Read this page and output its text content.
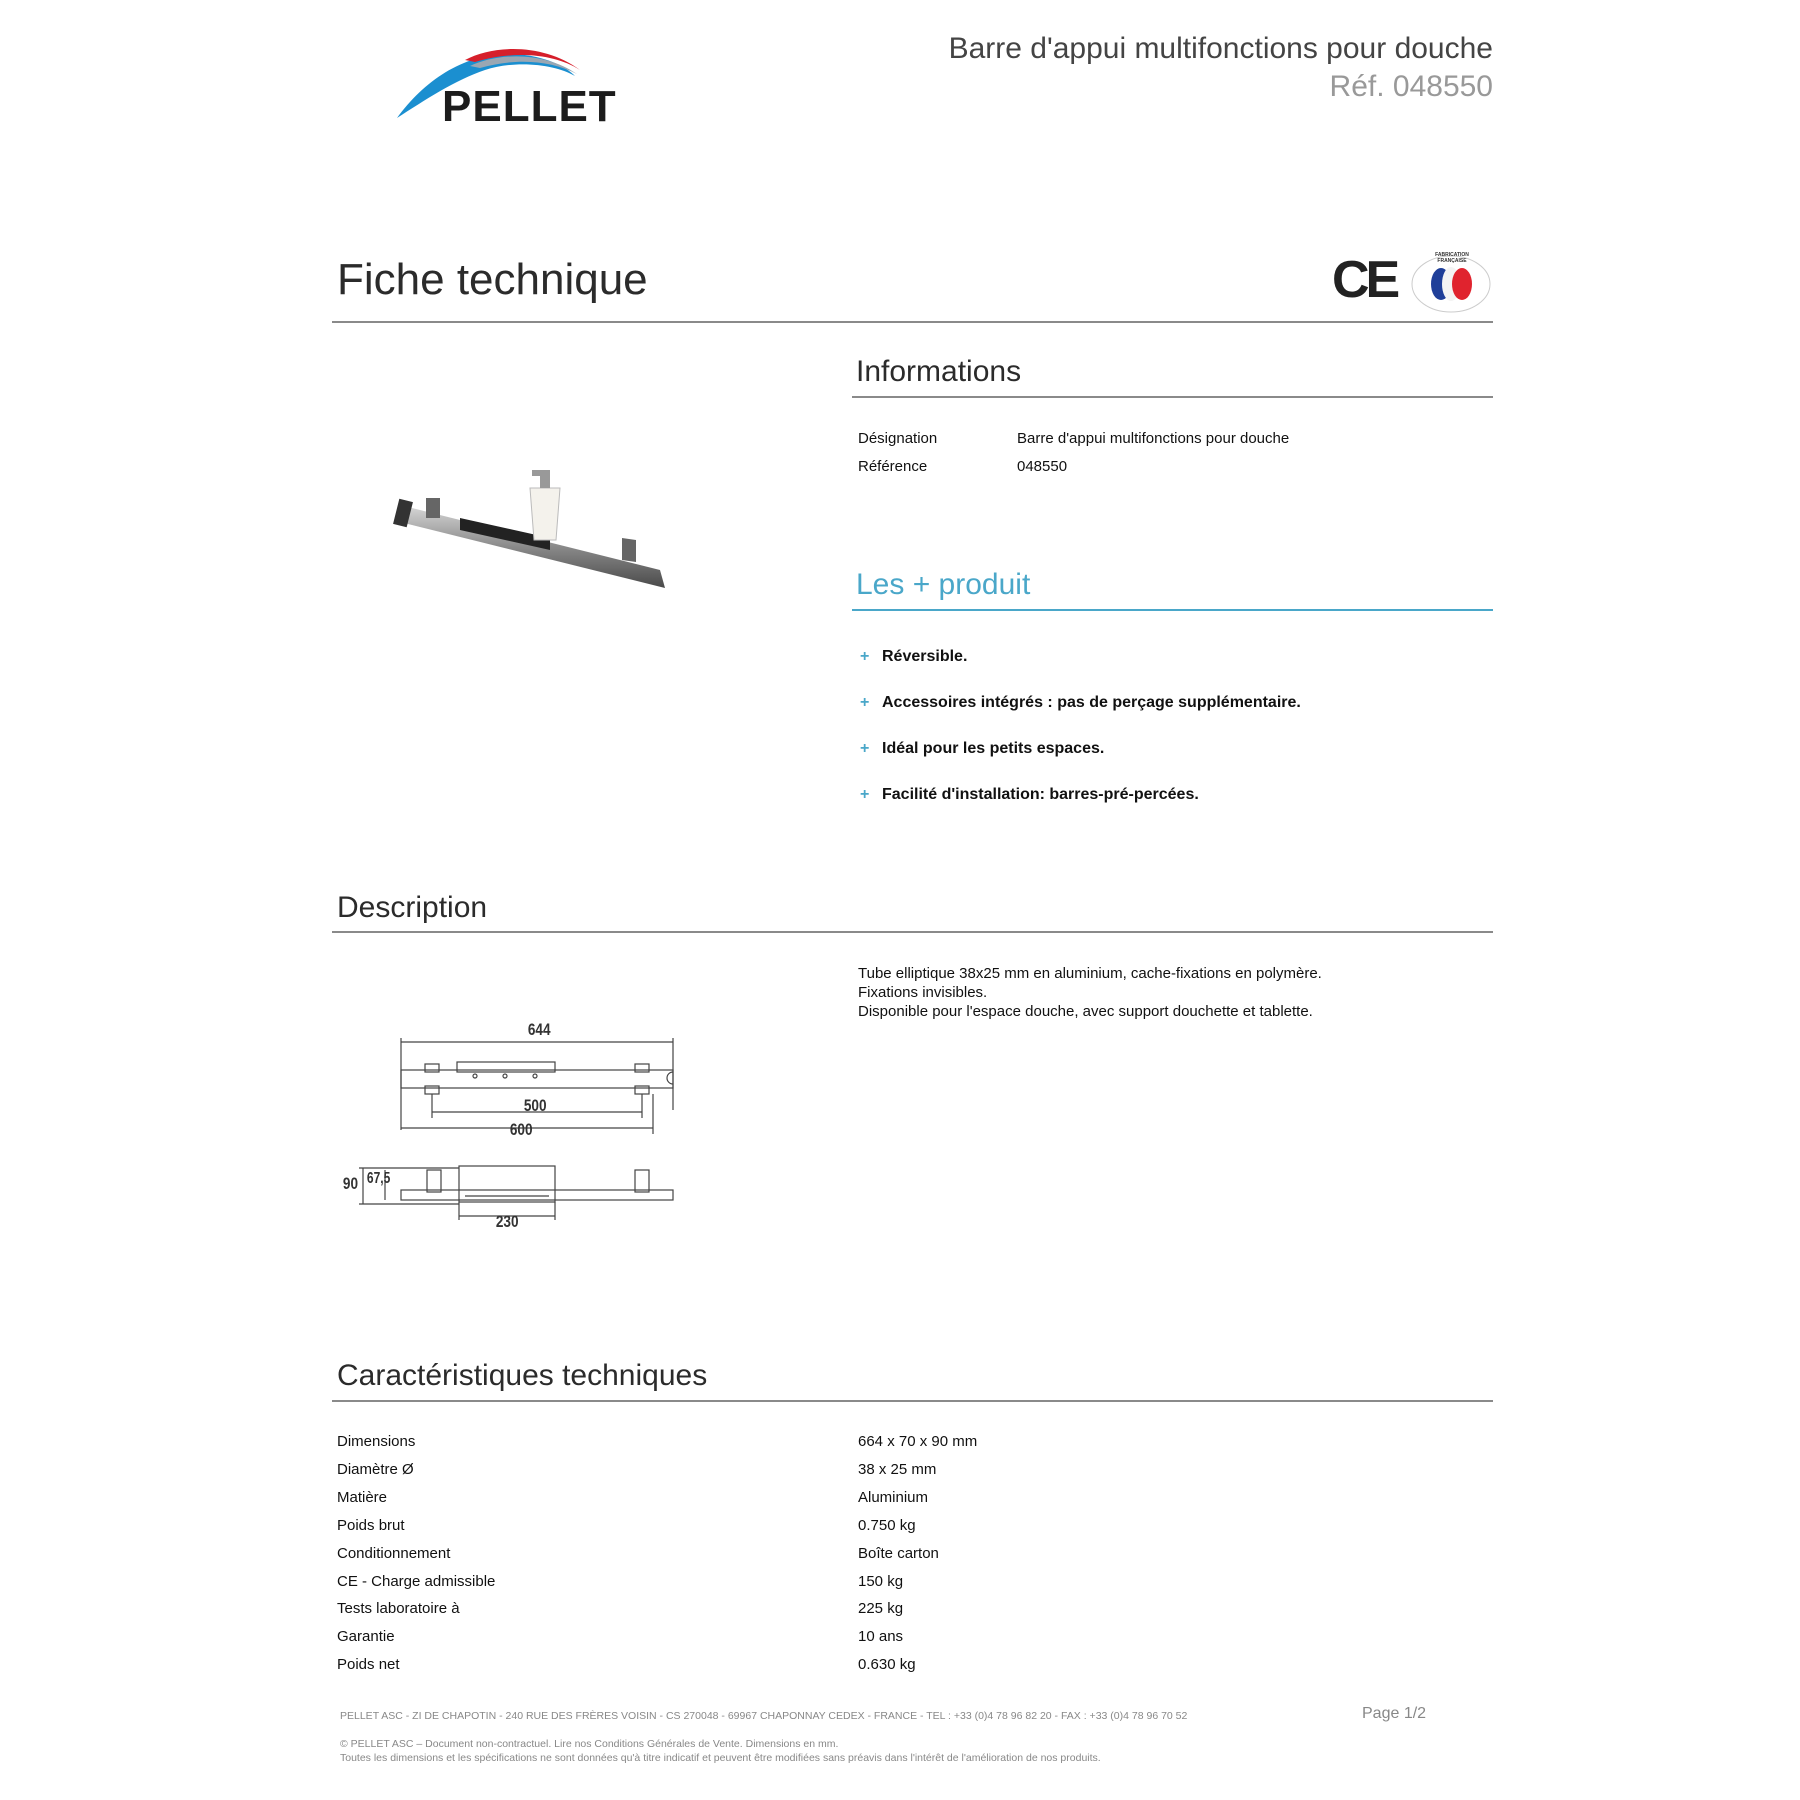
PELLET
Barre d'appui multifonctions pour douche
Réf. 048550
Fiche technique	CE	FABRICATION FRANÇAISE
Informations
Désignation	Barre d'appui multifonctions pour douche
Référence	048550
Les + produit
+ Réversible.
+ Accessoires intégrés : pas de perçage supplémentaire.
+ Idéal pour les petits espaces.
+ Facilité d'installation: barres-pré-percées.
Description
Tube elliptique 38x25 mm en aluminium, cache-fixations en polymère.
Fixations invisibles.
Disponible pour l'espace douche, avec support douchette et tablette.
644
500
600
90 67,5
230
Caractéristiques techniques
Dimensions	664 x 70 x 90 mm
Diamètre Ø	38 x 25 mm
Matière	Aluminium
Poids brut	0.750 kg
Conditionnement	Boîte carton
CE - Charge admissible	150 kg
Tests laboratoire à	225 kg
Garantie	10 ans
Poids net	0.630 kg
PELLET ASC - ZI DE CHAPOTIN - 240 RUE DES FRÈRES VOISIN - CS 270048 - 69967 CHAPONNAY CEDEX - FRANCE - TEL : +33 (0)4 78 96 82 20 - FAX : +33 (0)4 78 96 70 52	Page 1/2
© PELLET ASC – Document non-contractuel. Lire nos Conditions Générales de Vente. Dimensions en mm.
Toutes les dimensions et les spécifications ne sont données qu'à titre indicatif et peuvent être modifiées sans préavis dans l'intérêt de l'amélioration de nos produits.
